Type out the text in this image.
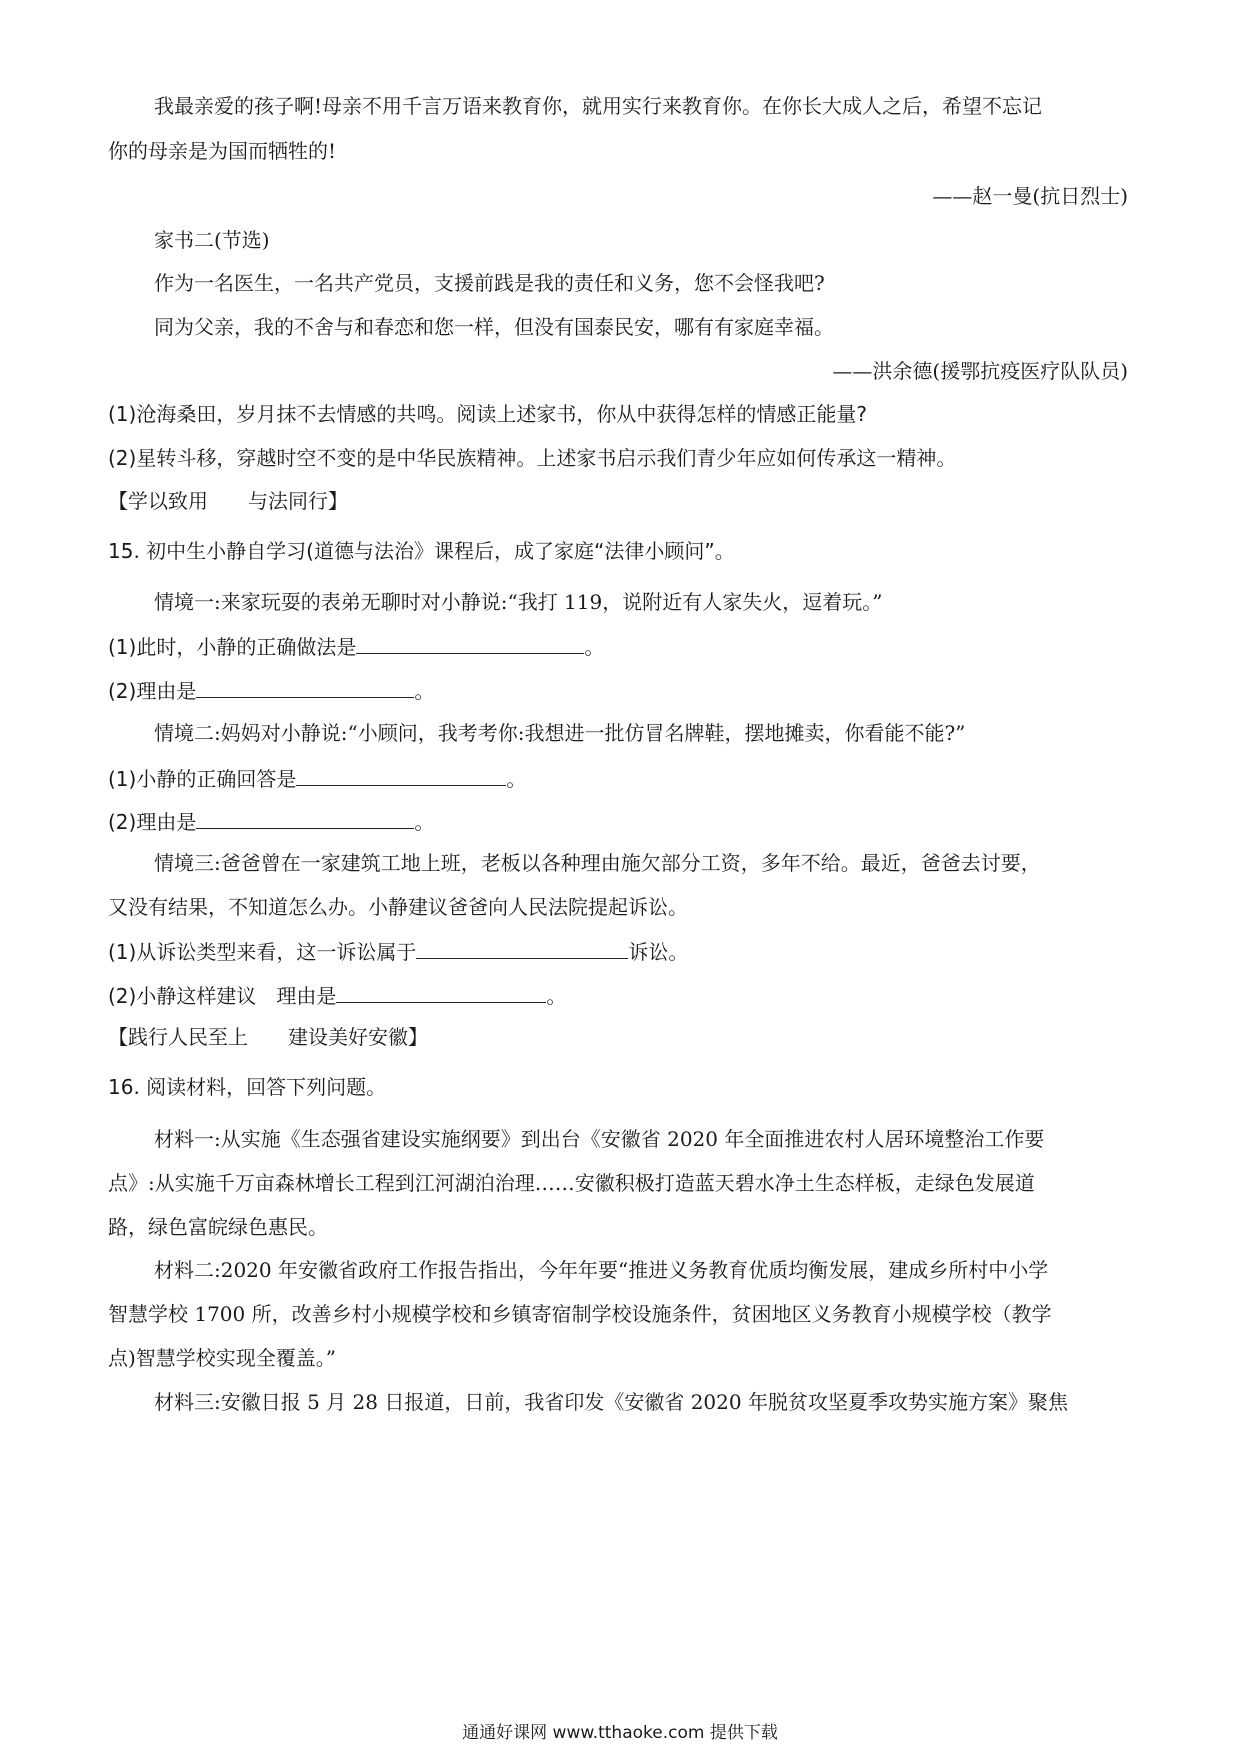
我最亲爱的孩子啊!母亲不用千言万语来教育你，就用实行来教育你。在你长大成人之后，希望不忘记
你的母亲是为国而牺牲的!
——赵一曼(抗日烈士)
家书二(节选)
作为一名医生，一名共产党员，支援前践是我的责任和义务，您不会怪我吧?
同为父亲，我的不舍与和春恋和您一样，但没有国泰民安，哪有有家庭幸福。
——洪余德(援鄂抗疫医疗队队员)
(1)沧海桑田，岁月抹不去情感的共鸣。阅读上述家书，你从中获得怎样的情感正能量?
(2)星转斗移，穿越时空不变的是中华民族精神。上述家书启示我们青少年应如何传承这一精神。
【学以致用　　与法同行】
15. 初中生小静自学习(道德与法治》课程后，成了家庭“法律小顾问”。
情境一:来家玩耍的表弟无聊时对小静说:“我打 119，说附近有人家失火，逗着玩。”
(1)此时，小静的正确做法是	。
(2)理由是	。
情境二:妈妈对小静说:“小顾问，我考考你:我想进一批仿冒名牌鞋，摆地摊卖，你看能不能?”
(1)小静的正确回答是	。
(2)理由是	。
情境三:爸爸曾在一家建筑工地上班，老板以各种理由施欠部分工资，多年不给。最近，爸爸去讨要，
又没有结果，不知道怎么办。小静建议爸爸向人民法院提起诉讼。
(1)从诉讼类型来看，这一诉讼属于	诉讼。
(2)小静这样建议　理由是	。
【践行人民至上　　建设美好安徽】
16. 阅读材料，回答下列问题。
材料一:从实施《生态强省建设实施纲要》到出台《安徽省 2020 年全面推进农村人居环境整治工作要
点》:从实施千万亩森林增长工程到江河湖泊治理……安徽积极打造蓝天碧水净土生态样板，走绿色发展道
路，绿色富皖绿色惠民。
材料二:2020 年安徽省政府工作报告指出，今年年要“推进义务教育优质均衡发展，建成乡所村中小学
智慧学校 1700 所，改善乡村小规模学校和乡镇寄宿制学校设施条件，贫困地区义务教育小规模学校（教学
点)智慧学校实现全覆盖。”
材料三:安徽日报 5 月 28 日报道，日前，我省印发《安徽省 2020 年脱贫攻坚夏季攻势实施方案》聚焦
通通好课网 www.tthaoke.com 提供下载
